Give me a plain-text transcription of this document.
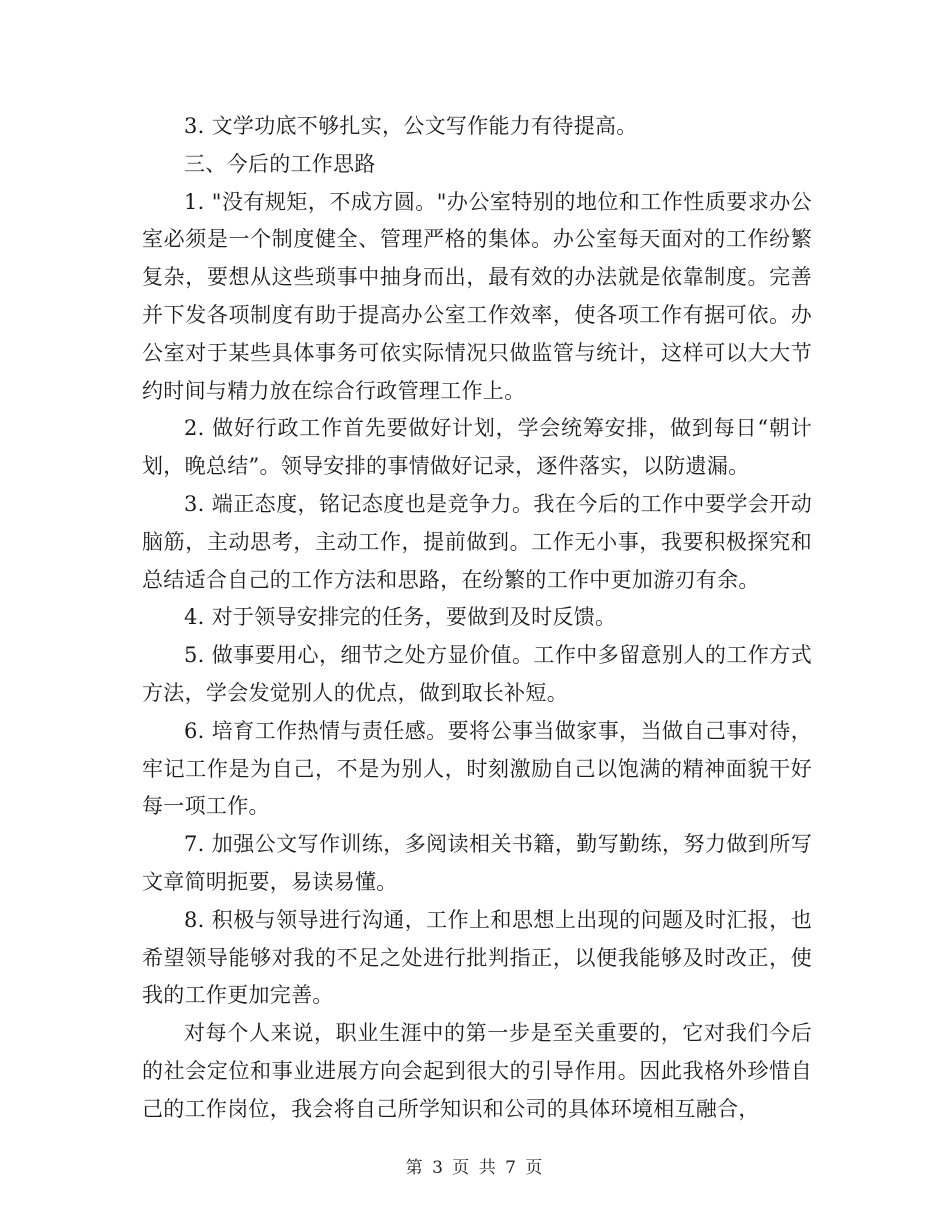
3. 文学功底不够扎实，公文写作能力有待提高。

三、今后的工作思路

1. "没有规矩，不成方圆。"办公室特别的地位和工作性质要求办公室必须是一个制度健全、管理严格的集体。办公室每天面对的工作纷繁复杂，要想从这些琐事中抽身而出，最有效的办法就是依靠制度。完善并下发各项制度有助于提高办公室工作效率，使各项工作有据可依。办公室对于某些具体事务可依实际情况只做监管与统计，这样可以大大节约时间与精力放在综合行政管理工作上。

2. 做好行政工作首先要做好计划，学会统筹安排，做到每日“朝计划，晚总结”。领导安排的事情做好记录，逐件落实，以防遗漏。

3. 端正态度，铭记态度也是竞争力。我在今后的工作中要学会开动脑筋，主动思考，主动工作，提前做到。工作无小事，我要积极探究和总结适合自己的工作方法和思路，在纷繁的工作中更加游刃有余。

4. 对于领导安排完的任务，要做到及时反馈。

5. 做事要用心，细节之处方显价值。工作中多留意别人的工作方式方法，学会发觉别人的优点，做到取长补短。

6. 培育工作热情与责任感。要将公事当做家事，当做自己事对待，牢记工作是为自己，不是为别人，时刻激励自己以饱满的精神面貌干好每一项工作。

7. 加强公文写作训练，多阅读相关书籍，勤写勤练，努力做到所写文章简明扼要，易读易懂。

8. 积极与领导进行沟通，工作上和思想上出现的问题及时汇报，也希望领导能够对我的不足之处进行批判指正，以便我能够及时改正，使我的工作更加完善。

对每个人来说，职业生涯中的第一步是至关重要的，它对我们今后的社会定位和事业进展方向会起到很大的引导作用。因此我格外珍惜自己的工作岗位，我会将自己所学知识和公司的具体环境相互融合，

第 3 页 共 7 页
